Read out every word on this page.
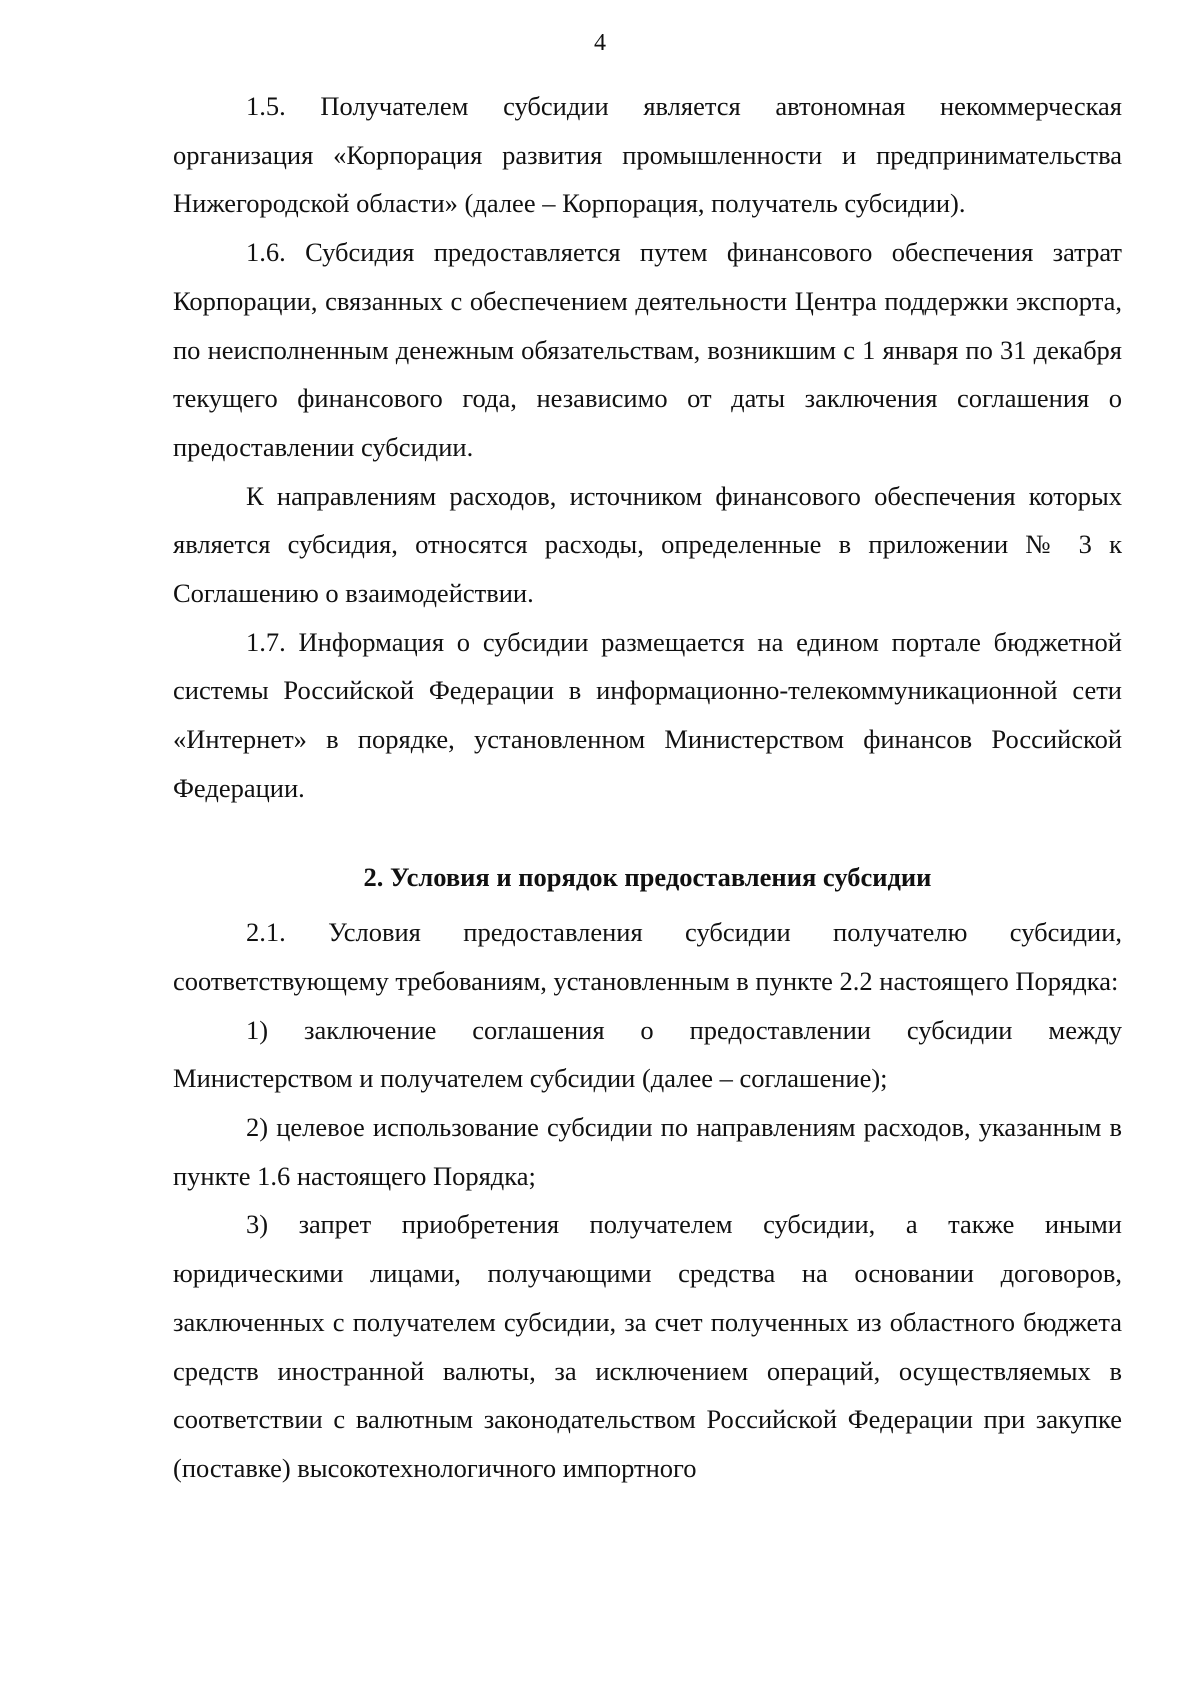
4

1.5. Получателем субсидии является автономная некоммерческая организация «Корпорация развития промышленности и предпринимательства Нижегородской области» (далее – Корпорация, получатель субсидии).

1.6. Субсидия предоставляется путем финансового обеспечения затрат Корпорации, связанных с обеспечением деятельности Центра поддержки экспорта, по неисполненным денежным обязательствам, возникшим с 1 января по 31 декабря текущего финансового года, независимо от даты заключения соглашения о предоставлении субсидии.

К направлениям расходов, источником финансового обеспечения которых является субсидия, относятся расходы, определенные в приложении № 3 к Соглашению о взаимодействии.

1.7. Информация о субсидии размещается на едином портале бюджетной системы Российской Федерации в информационно-телекоммуникационной сети «Интернет» в порядке, установленном Министерством финансов Российской Федерации.

2. Условия и порядок предоставления субсидии

2.1. Условия предоставления субсидии получателю субсидии, соответствующему требованиям, установленным в пункте 2.2 настоящего Порядка:

1) заключение соглашения о предоставлении субсидии между Министерством и получателем субсидии (далее – соглашение);

2) целевое использование субсидии по направлениям расходов, указанным в пункте 1.6 настоящего Порядка;

3) запрет приобретения получателем субсидии, а также иными юридическими лицами, получающими средства на основании договоров, заключенных с получателем субсидии, за счет полученных из областного бюджета средств иностранной валюты, за исключением операций, осуществляемых в соответствии с валютным законодательством Российской Федерации при закупке (поставке) высокотехнологичного импортного
